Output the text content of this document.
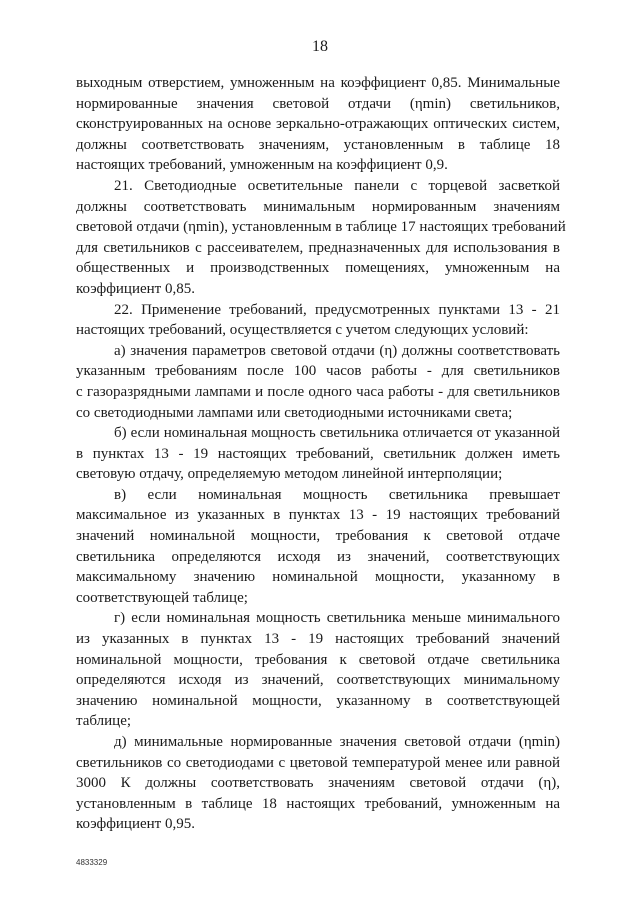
18
выходным отверстием, умноженным на коэффициент 0,85. Минимальные
нормированные значения световой отдачи (ηmin) светильников,
сконструированных на основе зеркально-отражающих оптических систем,
должны соответствовать значениям, установленным в таблице 18
настоящих требований, умноженным на коэффициент 0,9.
21. Светодиодные осветительные панели с торцевой засветкой
должны соответствовать минимальным нормированным значениям
световой отдачи (ηmin), установленным в таблице 17 настоящих требований
для светильников с рассеивателем, предназначенных для использования в
общественных и производственных помещениях, умноженным на
коэффициент 0,85.
22. Применение требований, предусмотренных пунктами 13 - 21
настоящих требований, осуществляется с учетом следующих условий:
а) значения параметров световой отдачи (η) должны соответствовать
указанным требованиям после 100 часов работы - для светильников
с газоразрядными лампами и после одного часа работы - для светильников
со светодиодными лампами или светодиодными источниками света;
б) если номинальная мощность светильника отличается от указанной
в пунктах 13 - 19 настоящих требований, светильник должен иметь
световую отдачу, определяемую методом линейной интерполяции;
в) если номинальная мощность светильника превышает
максимальное из указанных в пунктах 13 - 19 настоящих требований
значений номинальной мощности, требования к световой отдаче
светильника определяются исходя из значений, соответствующих
максимальному значению номинальной мощности, указанному в
соответствующей таблице;
г) если номинальная мощность светильника меньше минимального
из указанных в пунктах 13 - 19 настоящих требований значений
номинальной мощности, требования к световой отдаче светильника
определяются исходя из значений, соответствующих минимальному
значению номинальной мощности, указанному в соответствующей
таблице;
д) минимальные нормированные значения световой отдачи (ηmin)
светильников со светодиодами с цветовой температурой менее или равной
3000 К должны соответствовать значениям световой отдачи (η),
установленным в таблице 18 настоящих требований, умноженным на
коэффициент 0,95.
4833329
